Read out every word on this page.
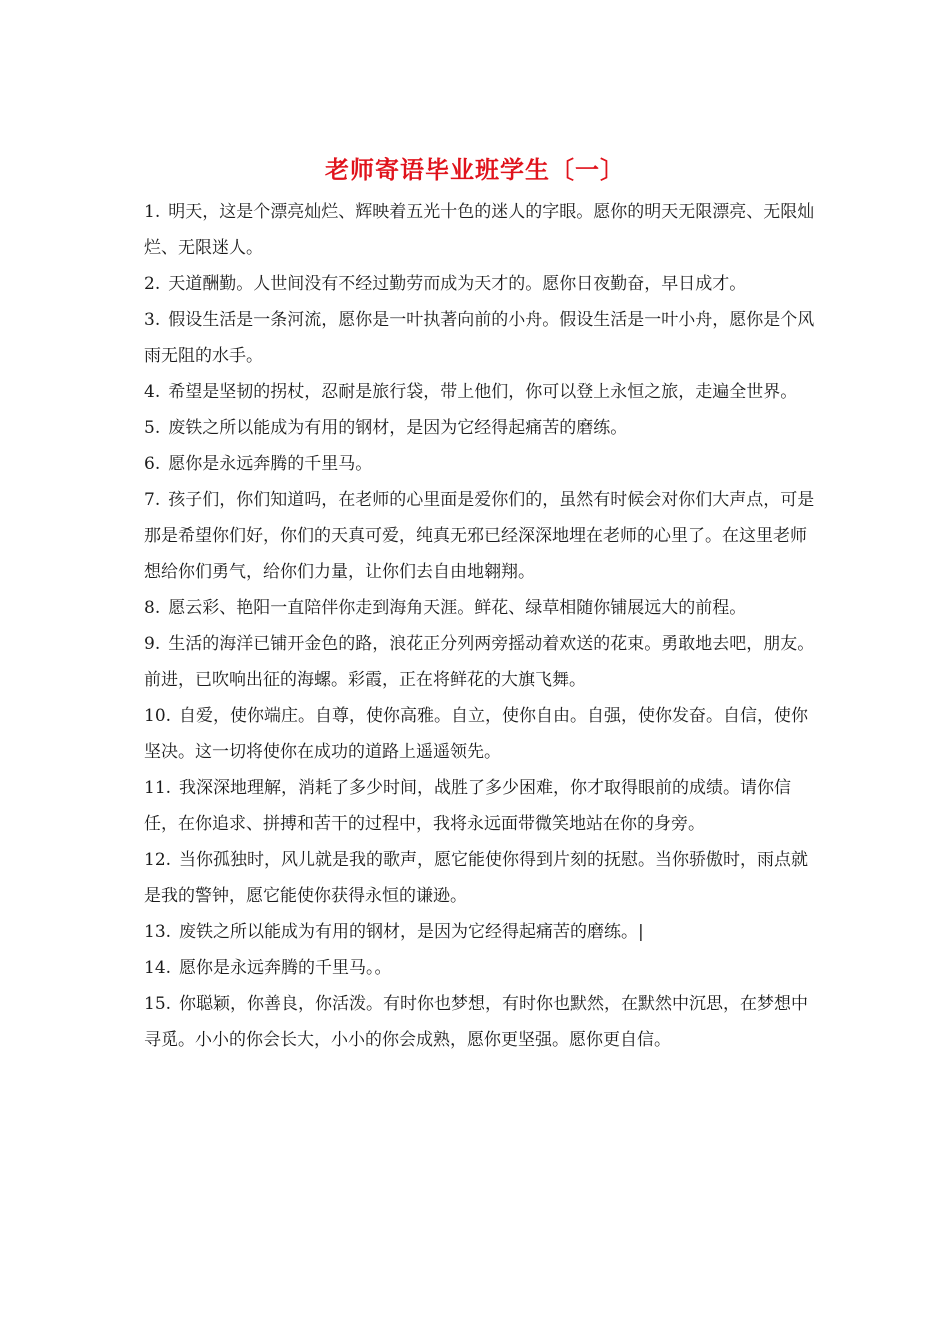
老师寄语毕业班学生〔一〕

1. 明天，这是个漂亮灿烂、辉映着五光十色的迷人的字眼。愿你的明天无限漂亮、无限灿烂、无限迷人。

2. 天道酬勤。人世间没有不经过勤劳而成为天才的。愿你日夜勤奋，早日成才。

3. 假设生活是一条河流，愿你是一叶执著向前的小舟。假设生活是一叶小舟，愿你是个风雨无阻的水手。

4. 希望是坚韧的拐杖，忍耐是旅行袋，带上他们，你可以登上永恒之旅，走遍全世界。

5. 废铁之所以能成为有用的钢材，是因为它经得起痛苦的磨练。

6. 愿你是永远奔腾的千里马。

7. 孩子们，你们知道吗，在老师的心里面是爱你们的，虽然有时候会对你们大声点，可是那是希望你们好，你们的天真可爱，纯真无邪已经深深地埋在老师的心里了。在这里老师想给你们勇气，给你们力量，让你们去自由地翱翔。

8. 愿云彩、艳阳一直陪伴你走到海角天涯。鲜花、绿草相随你铺展远大的前程。

9. 生活的海洋已铺开金色的路，浪花正分列两旁摇动着欢送的花束。勇敢地去吧，朋友。前进，已吹响出征的海螺。彩霞，正在将鲜花的大旗飞舞。

10. 自爱，使你端庄。自尊，使你高雅。自立，使你自由。自强，使你发奋。自信，使你坚决。这一切将使你在成功的道路上遥遥领先。

11. 我深深地理解，消耗了多少时间，战胜了多少困难，你才取得眼前的成绩。请你信任，在你追求、拼搏和苦干的过程中，我将永远面带微笑地站在你的身旁。

12. 当你孤独时，风儿就是我的歌声，愿它能使你得到片刻的抚慰。当你骄傲时，雨点就是我的警钟，愿它能使你获得永恒的谦逊。

13. 废铁之所以能成为有用的钢材，是因为它经得起痛苦的磨练。|

14. 愿你是永远奔腾的千里马。。

15. 你聪颖，你善良，你活泼。有时你也梦想，有时你也默然，在默然中沉思，在梦想中寻觅。小小的你会长大，小小的你会成熟，愿你更坚强。愿你更自信。
